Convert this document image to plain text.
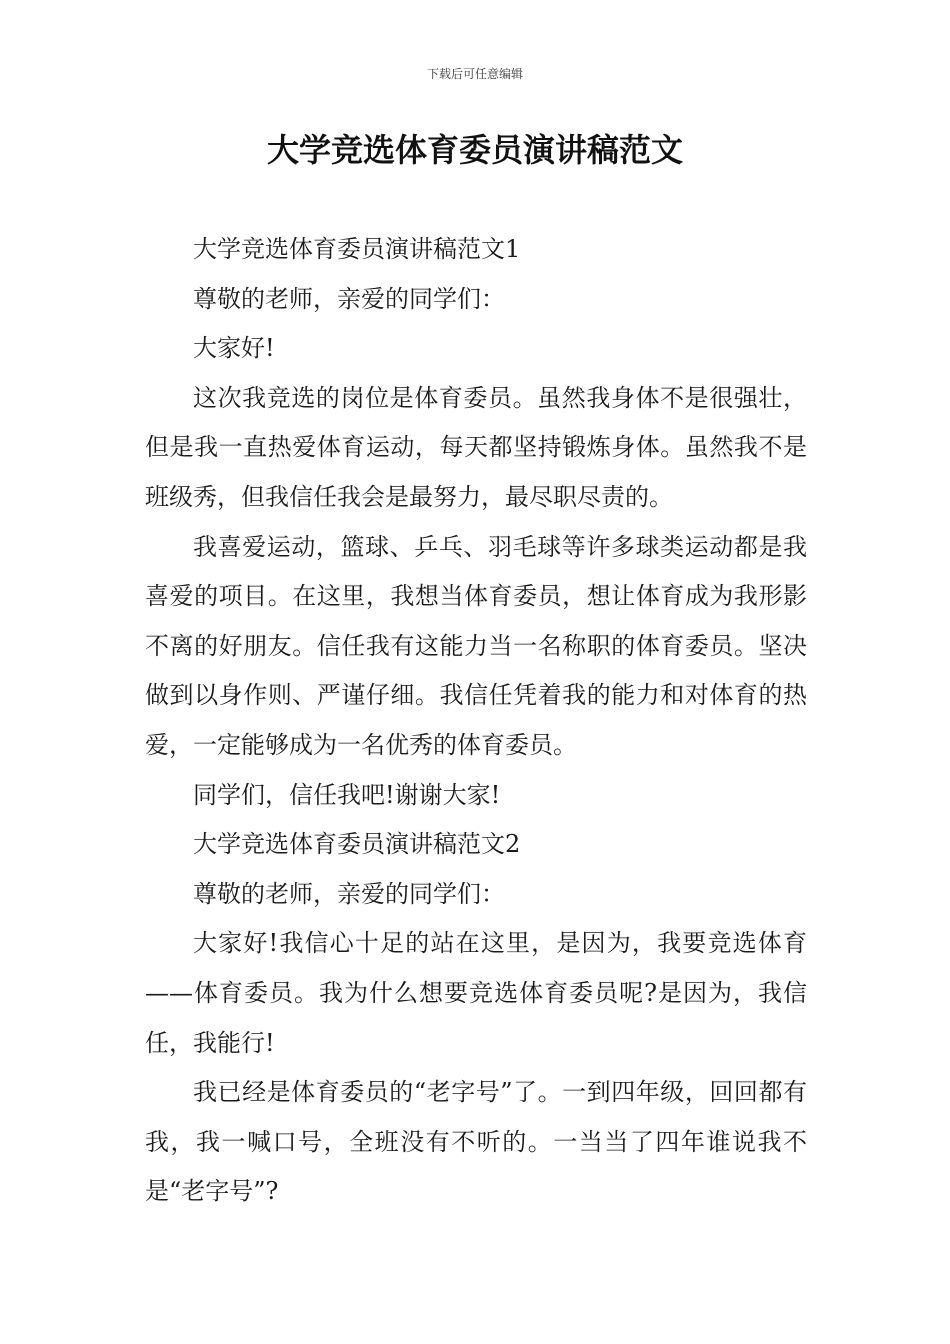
下载后可任意编辑
大学竞选体育委员演讲稿范文

大学竞选体育委员演讲稿范文1

尊敬的老师，亲爱的同学们：

大家好!

这次我竞选的岗位是体育委员。虽然我身体不是很强壮，但是我一直热爱体育运动，每天都坚持锻炼身体。虽然我不是班级秀，但我信任我会是最努力，最尽职尽责的。

我喜爱运动，篮球、乒乓、羽毛球等许多球类运动都是我喜爱的项目。在这里，我想当体育委员，想让体育成为我形影不离的好朋友。信任我有这能力当一名称职的体育委员。坚决做到以身作则、严谨仔细。我信任凭着我的能力和对体育的热爱，一定能够成为一名优秀的体育委员。

同学们，信任我吧!谢谢大家!

大学竞选体育委员演讲稿范文2

尊敬的老师，亲爱的同学们：

大家好!我信心十足的站在这里，是因为，我要竞选体育——体育委员。我为什么想要竞选体育委员呢?是因为，我信任，我能行!

我已经是体育委员的“老字号”了。一到四年级，回回都有我，我一喊口号，全班没有不听的。一当当了四年谁说我不是“老字号”?
